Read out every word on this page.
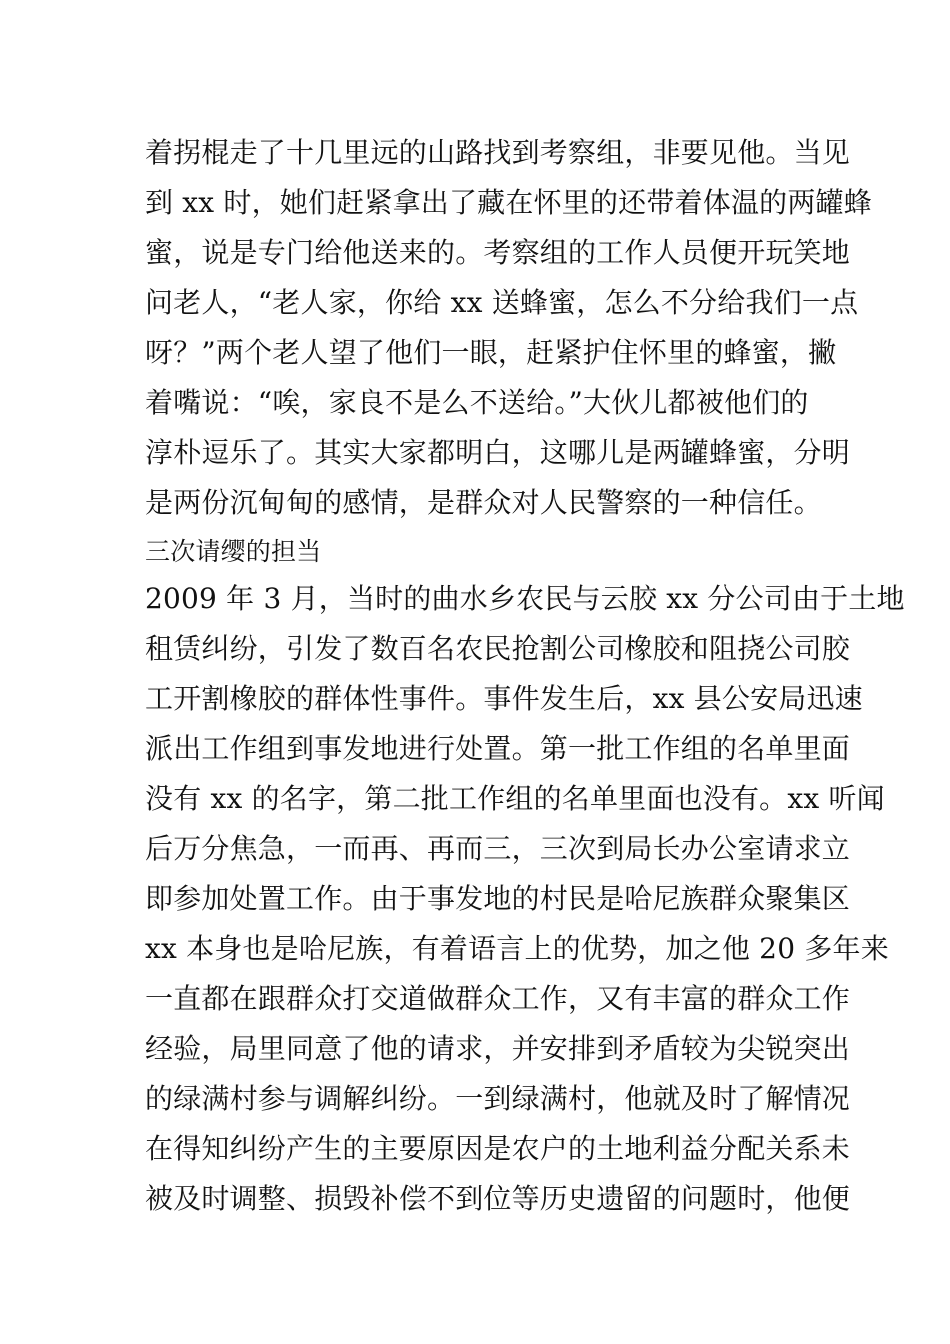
着拐棍走了十几里远的山路找到考察组，非要见他。当见
到 xx 时，她们赶紧拿出了藏在怀里的还带着体温的两罐蜂
蜜，说是专门给他送来的。考察组的工作人员便开玩笑地
问老人，“老人家，你给 xx 送蜂蜜，怎么不分给我们一点
呀？”两个老人望了他们一眼，赶紧护住怀里的蜂蜜，撇
着嘴说：“唉，家良不是么不送给。”大伙儿都被他们的
淳朴逗乐了。其实大家都明白，这哪儿是两罐蜂蜜，分明
是两份沉甸甸的感情，是群众对人民警察的一种信任。
三次请缨的担当
2009 年 3 月，当时的曲水乡农民与云胶 xx 分公司由于土地
租赁纠纷，引发了数百名农民抢割公司橡胶和阻挠公司胶
工开割橡胶的群体性事件。事件发生后，xx 县公安局迅速
派出工作组到事发地进行处置。第一批工作组的名单里面
没有 xx 的名字，第二批工作组的名单里面也没有。xx 听闻
后万分焦急，一而再、再而三，三次到局长办公室请求立
即参加处置工作。由于事发地的村民是哈尼族群众聚集区
xx 本身也是哈尼族，有着语言上的优势，加之他 20 多年来
一直都在跟群众打交道做群众工作，又有丰富的群众工作
经验，局里同意了他的请求，并安排到矛盾较为尖锐突出
的绿满村参与调解纠纷。一到绿满村，他就及时了解情况
在得知纠纷产生的主要原因是农户的土地利益分配关系未
被及时调整、损毁补偿不到位等历史遗留的问题时，他便
